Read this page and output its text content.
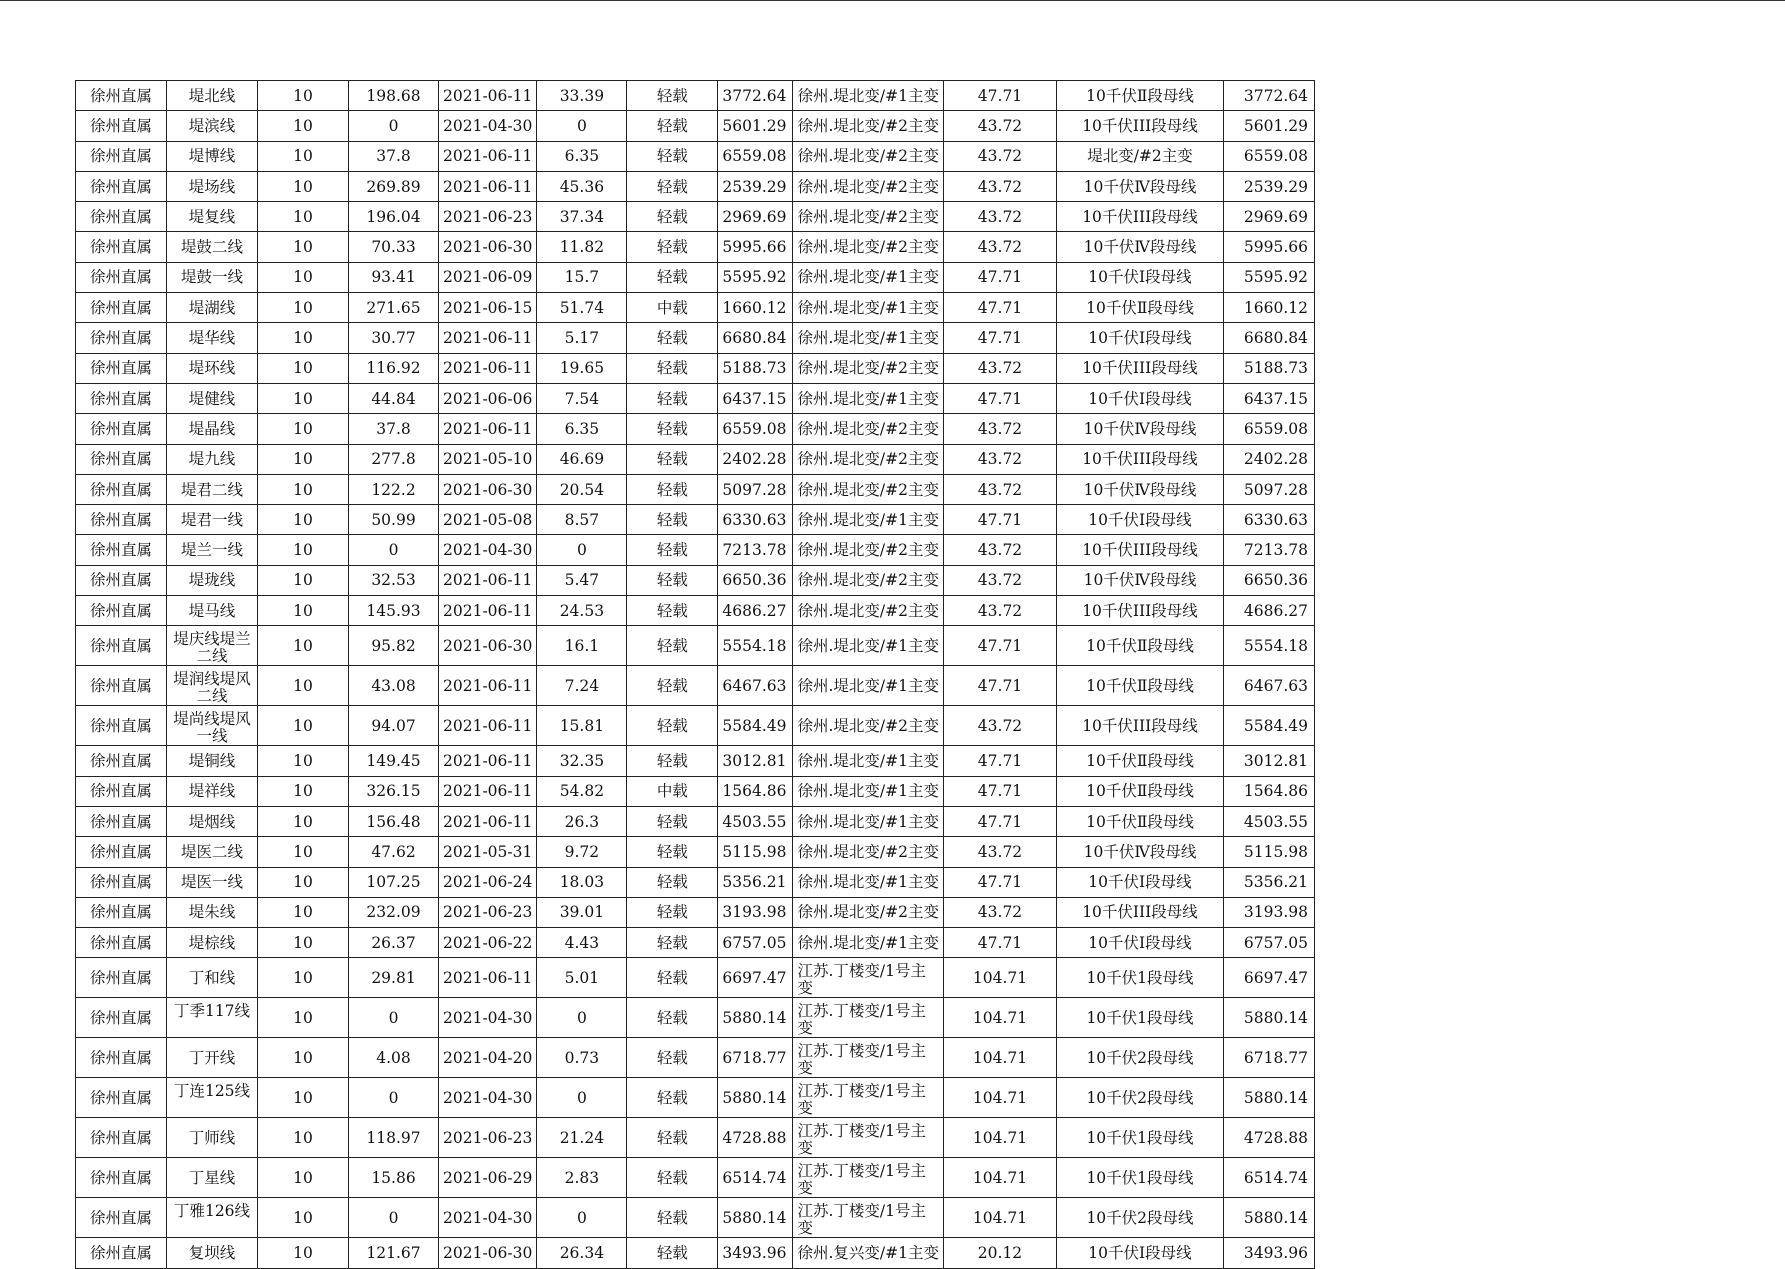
徐州直属	堤北线	10	198.68	2021-06-11	33.39	轻载	3772.64	徐州.堤北变/#1主变	47.71	10千伏Ⅱ段母线	3772.64
徐州直属	堤滨线	10	0	2021-04-30	0	轻载	5601.29	徐州.堤北变/#2主变	43.72	10千伏III段母线	5601.29
徐州直属	堤博线	10	37.8	2021-06-11	6.35	轻载	6559.08	徐州.堤北变/#2主变	43.72	堤北变/#2主变	6559.08
徐州直属	堤场线	10	269.89	2021-06-11	45.36	轻载	2539.29	徐州.堤北变/#2主变	43.72	10千伏Ⅳ段母线	2539.29
徐州直属	堤复线	10	196.04	2021-06-23	37.34	轻载	2969.69	徐州.堤北变/#2主变	43.72	10千伏III段母线	2969.69
徐州直属	堤鼓二线	10	70.33	2021-06-30	11.82	轻载	5995.66	徐州.堤北变/#2主变	43.72	10千伏Ⅳ段母线	5995.66
徐州直属	堤鼓一线	10	93.41	2021-06-09	15.7	轻载	5595.92	徐州.堤北变/#1主变	47.71	10千伏Ⅰ段母线	5595.92
徐州直属	堤湖线	10	271.65	2021-06-15	51.74	中载	1660.12	徐州.堤北变/#1主变	47.71	10千伏Ⅱ段母线	1660.12
徐州直属	堤华线	10	30.77	2021-06-11	5.17	轻载	6680.84	徐州.堤北变/#1主变	47.71	10千伏Ⅰ段母线	6680.84
徐州直属	堤环线	10	116.92	2021-06-11	19.65	轻载	5188.73	徐州.堤北变/#2主变	43.72	10千伏III段母线	5188.73
徐州直属	堤健线	10	44.84	2021-06-06	7.54	轻载	6437.15	徐州.堤北变/#1主变	47.71	10千伏Ⅰ段母线	6437.15
徐州直属	堤晶线	10	37.8	2021-06-11	6.35	轻载	6559.08	徐州.堤北变/#2主变	43.72	10千伏Ⅳ段母线	6559.08
徐州直属	堤九线	10	277.8	2021-05-10	46.69	轻载	2402.28	徐州.堤北变/#2主变	43.72	10千伏III段母线	2402.28
徐州直属	堤君二线	10	122.2	2021-06-30	20.54	轻载	5097.28	徐州.堤北变/#2主变	43.72	10千伏Ⅳ段母线	5097.28
徐州直属	堤君一线	10	50.99	2021-05-08	8.57	轻载	6330.63	徐州.堤北变/#1主变	47.71	10千伏Ⅰ段母线	6330.63
徐州直属	堤兰一线	10	0	2021-04-30	0	轻载	7213.78	徐州.堤北变/#2主变	43.72	10千伏III段母线	7213.78
徐州直属	堤珑线	10	32.53	2021-06-11	5.47	轻载	6650.36	徐州.堤北变/#2主变	43.72	10千伏Ⅳ段母线	6650.36
徐州直属	堤马线	10	145.93	2021-06-11	24.53	轻载	4686.27	徐州.堤北变/#2主变	43.72	10千伏III段母线	4686.27
徐州直属	堤庆线堤兰二线	10	95.82	2021-06-30	16.1	轻载	5554.18	徐州.堤北变/#1主变	47.71	10千伏Ⅱ段母线	5554.18
徐州直属	堤润线堤风二线	10	43.08	2021-06-11	7.24	轻载	6467.63	徐州.堤北变/#1主变	47.71	10千伏Ⅱ段母线	6467.63
徐州直属	堤尚线堤风一线	10	94.07	2021-06-11	15.81	轻载	5584.49	徐州.堤北变/#2主变	43.72	10千伏III段母线	5584.49
徐州直属	堤铜线	10	149.45	2021-06-11	32.35	轻载	3012.81	徐州.堤北变/#1主变	47.71	10千伏Ⅱ段母线	3012.81
徐州直属	堤祥线	10	326.15	2021-06-11	54.82	中载	1564.86	徐州.堤北变/#1主变	47.71	10千伏Ⅱ段母线	1564.86
徐州直属	堤烟线	10	156.48	2021-06-11	26.3	轻载	4503.55	徐州.堤北变/#1主变	47.71	10千伏Ⅱ段母线	4503.55
徐州直属	堤医二线	10	47.62	2021-05-31	9.72	轻载	5115.98	徐州.堤北变/#2主变	43.72	10千伏Ⅳ段母线	5115.98
徐州直属	堤医一线	10	107.25	2021-06-24	18.03	轻载	5356.21	徐州.堤北变/#1主变	47.71	10千伏Ⅰ段母线	5356.21
徐州直属	堤朱线	10	232.09	2021-06-23	39.01	轻载	3193.98	徐州.堤北变/#2主变	43.72	10千伏III段母线	3193.98
徐州直属	堤棕线	10	26.37	2021-06-22	4.43	轻载	6757.05	徐州.堤北变/#1主变	47.71	10千伏Ⅰ段母线	6757.05
徐州直属	丁和线	10	29.81	2021-06-11	5.01	轻载	6697.47	江苏.丁楼变/1号主变	104.71	10千伏1段母线	6697.47
徐州直属	丁季117线	10	0	2021-04-30	0	轻载	5880.14	江苏.丁楼变/1号主变	104.71	10千伏1段母线	5880.14
徐州直属	丁开线	10	4.08	2021-04-20	0.73	轻载	6718.77	江苏.丁楼变/1号主变	104.71	10千伏2段母线	6718.77
徐州直属	丁连125线	10	0	2021-04-30	0	轻载	5880.14	江苏.丁楼变/1号主变	104.71	10千伏2段母线	5880.14
徐州直属	丁师线	10	118.97	2021-06-23	21.24	轻载	4728.88	江苏.丁楼变/1号主变	104.71	10千伏1段母线	4728.88
徐州直属	丁星线	10	15.86	2021-06-29	2.83	轻载	6514.74	江苏.丁楼变/1号主变	104.71	10千伏1段母线	6514.74
徐州直属	丁雅126线	10	0	2021-04-30	0	轻载	5880.14	江苏.丁楼变/1号主变	104.71	10千伏2段母线	5880.14
徐州直属	复坝线	10	121.67	2021-06-30	26.34	轻载	3493.96	徐州.复兴变/#1主变	20.12	10千伏Ⅰ段母线	3493.96
